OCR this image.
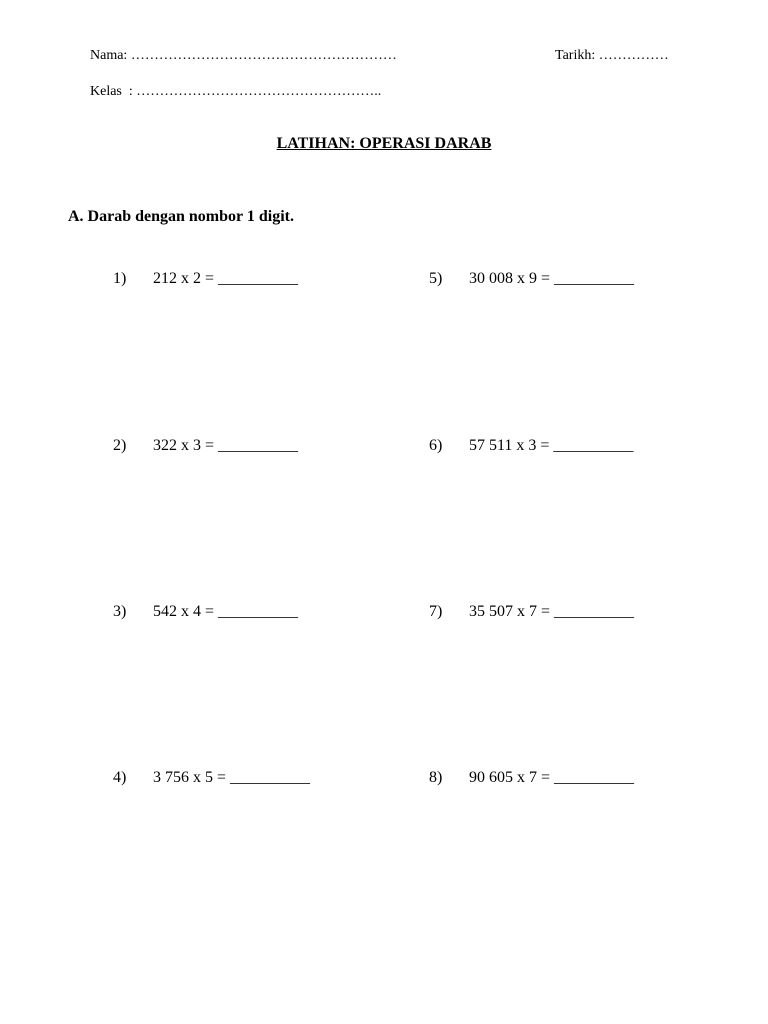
Nama: …………………………………………………	Tarikh: ……………
Kelas  : ……………………………………………..
LATIHAN: OPERASI DARAB
A. Darab dengan nombor 1 digit.

1)

212 x 2 = __________

2)

322 x 3 = __________

3)

542 x 4 = __________

4)

3 756 x 5 = __________

5)

30 008 x 9 = __________

6)

57 511 x 3 = __________

7)

35 507 x 7 = __________

8)

90 605 x 7 = __________
